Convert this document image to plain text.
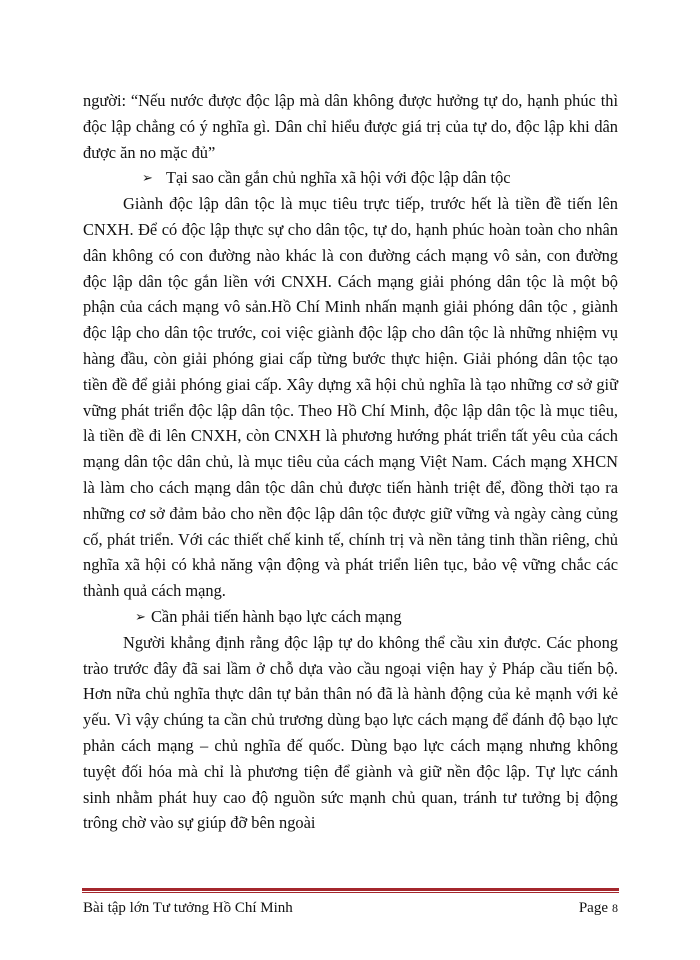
người: “Nếu nước được độc lập mà dân không được hưởng tự do, hạnh phúc thì độc lập chẳng có ý nghĩa gì. Dân chỉ hiểu được giá trị của tự do, độc lập khi dân được ăn no mặc đủ”

➢ Tại sao cần gắn chủ nghĩa xã hội với độc lập dân tộc

Giành độc lập dân tộc là mục tiêu trực tiếp, trước hết là tiền đề tiến lên CNXH. Để có độc lập thực sự cho dân tộc, tự do, hạnh phúc hoàn toàn cho nhân dân không có con đường nào khác là con đường cách mạng vô sản, con đường độc lập dân tộc gắn liền với CNXH. Cách mạng giải phóng dân tộc là một bộ phận của cách mạng vô sản.Hồ Chí Minh nhấn mạnh giải phóng dân tộc , giành độc lập cho dân tộc trước, coi việc giành độc lập cho dân tộc là những nhiệm vụ hàng đầu, còn giải phóng giai cấp từng bước thực hiện. Giải phóng dân tộc tạo tiền đề để giải phóng giai cấp. Xây dựng xã hội chủ nghĩa là tạo những cơ sở giữ vững phát triển độc lập dân tộc. Theo Hồ Chí Minh, độc lập dân tộc là mục tiêu, là tiền đề đi lên CNXH, còn CNXH là phương hướng phát triển tất yêu của cách mạng dân tộc dân chủ, là mục tiêu của cách mạng Việt Nam. Cách mạng XHCN là làm cho cách mạng dân tộc dân chủ được tiến hành triệt để, đồng thời tạo ra những cơ sở đảm bảo cho nền độc lập dân tộc được giữ vững và ngày càng củng cố, phát triển. Với các thiết chế kinh tế, chính trị và nền tảng tinh thần riêng, chủ nghĩa xã hội có khả năng vận động và phát triển liên tục, bảo vệ vững chắc các thành quả cách mạng.

➢ Cần phải tiến hành bạo lực cách mạng

Người khẳng định rằng độc lập tự do không thể cầu xin được. Các phong trào trước đây đã sai lầm ở chỗ dựa vào cầu ngoại viện hay ỷ Pháp cầu tiến bộ. Hơn nữa chủ nghĩa thực dân tự bản thân nó đã là hành động của kẻ mạnh với kẻ yếu. Vì vậy chúng ta cần chủ trương dùng bạo lực cách mạng để đánh độ bạo lực phản cách mạng – chủ nghĩa đế quốc. Dùng bạo lực cách mạng nhưng không tuyệt đối hóa mà chỉ là phương tiện để giành và giữ nền độc lập. Tự lực cánh sinh nhằm phát huy cao độ nguồn sức mạnh chủ quan, tránh tư tưởng bị động trông chờ vào sự giúp đỡ bên ngoài

Bài tập lớn Tư tưởng Hồ Chí Minh	Page 8
